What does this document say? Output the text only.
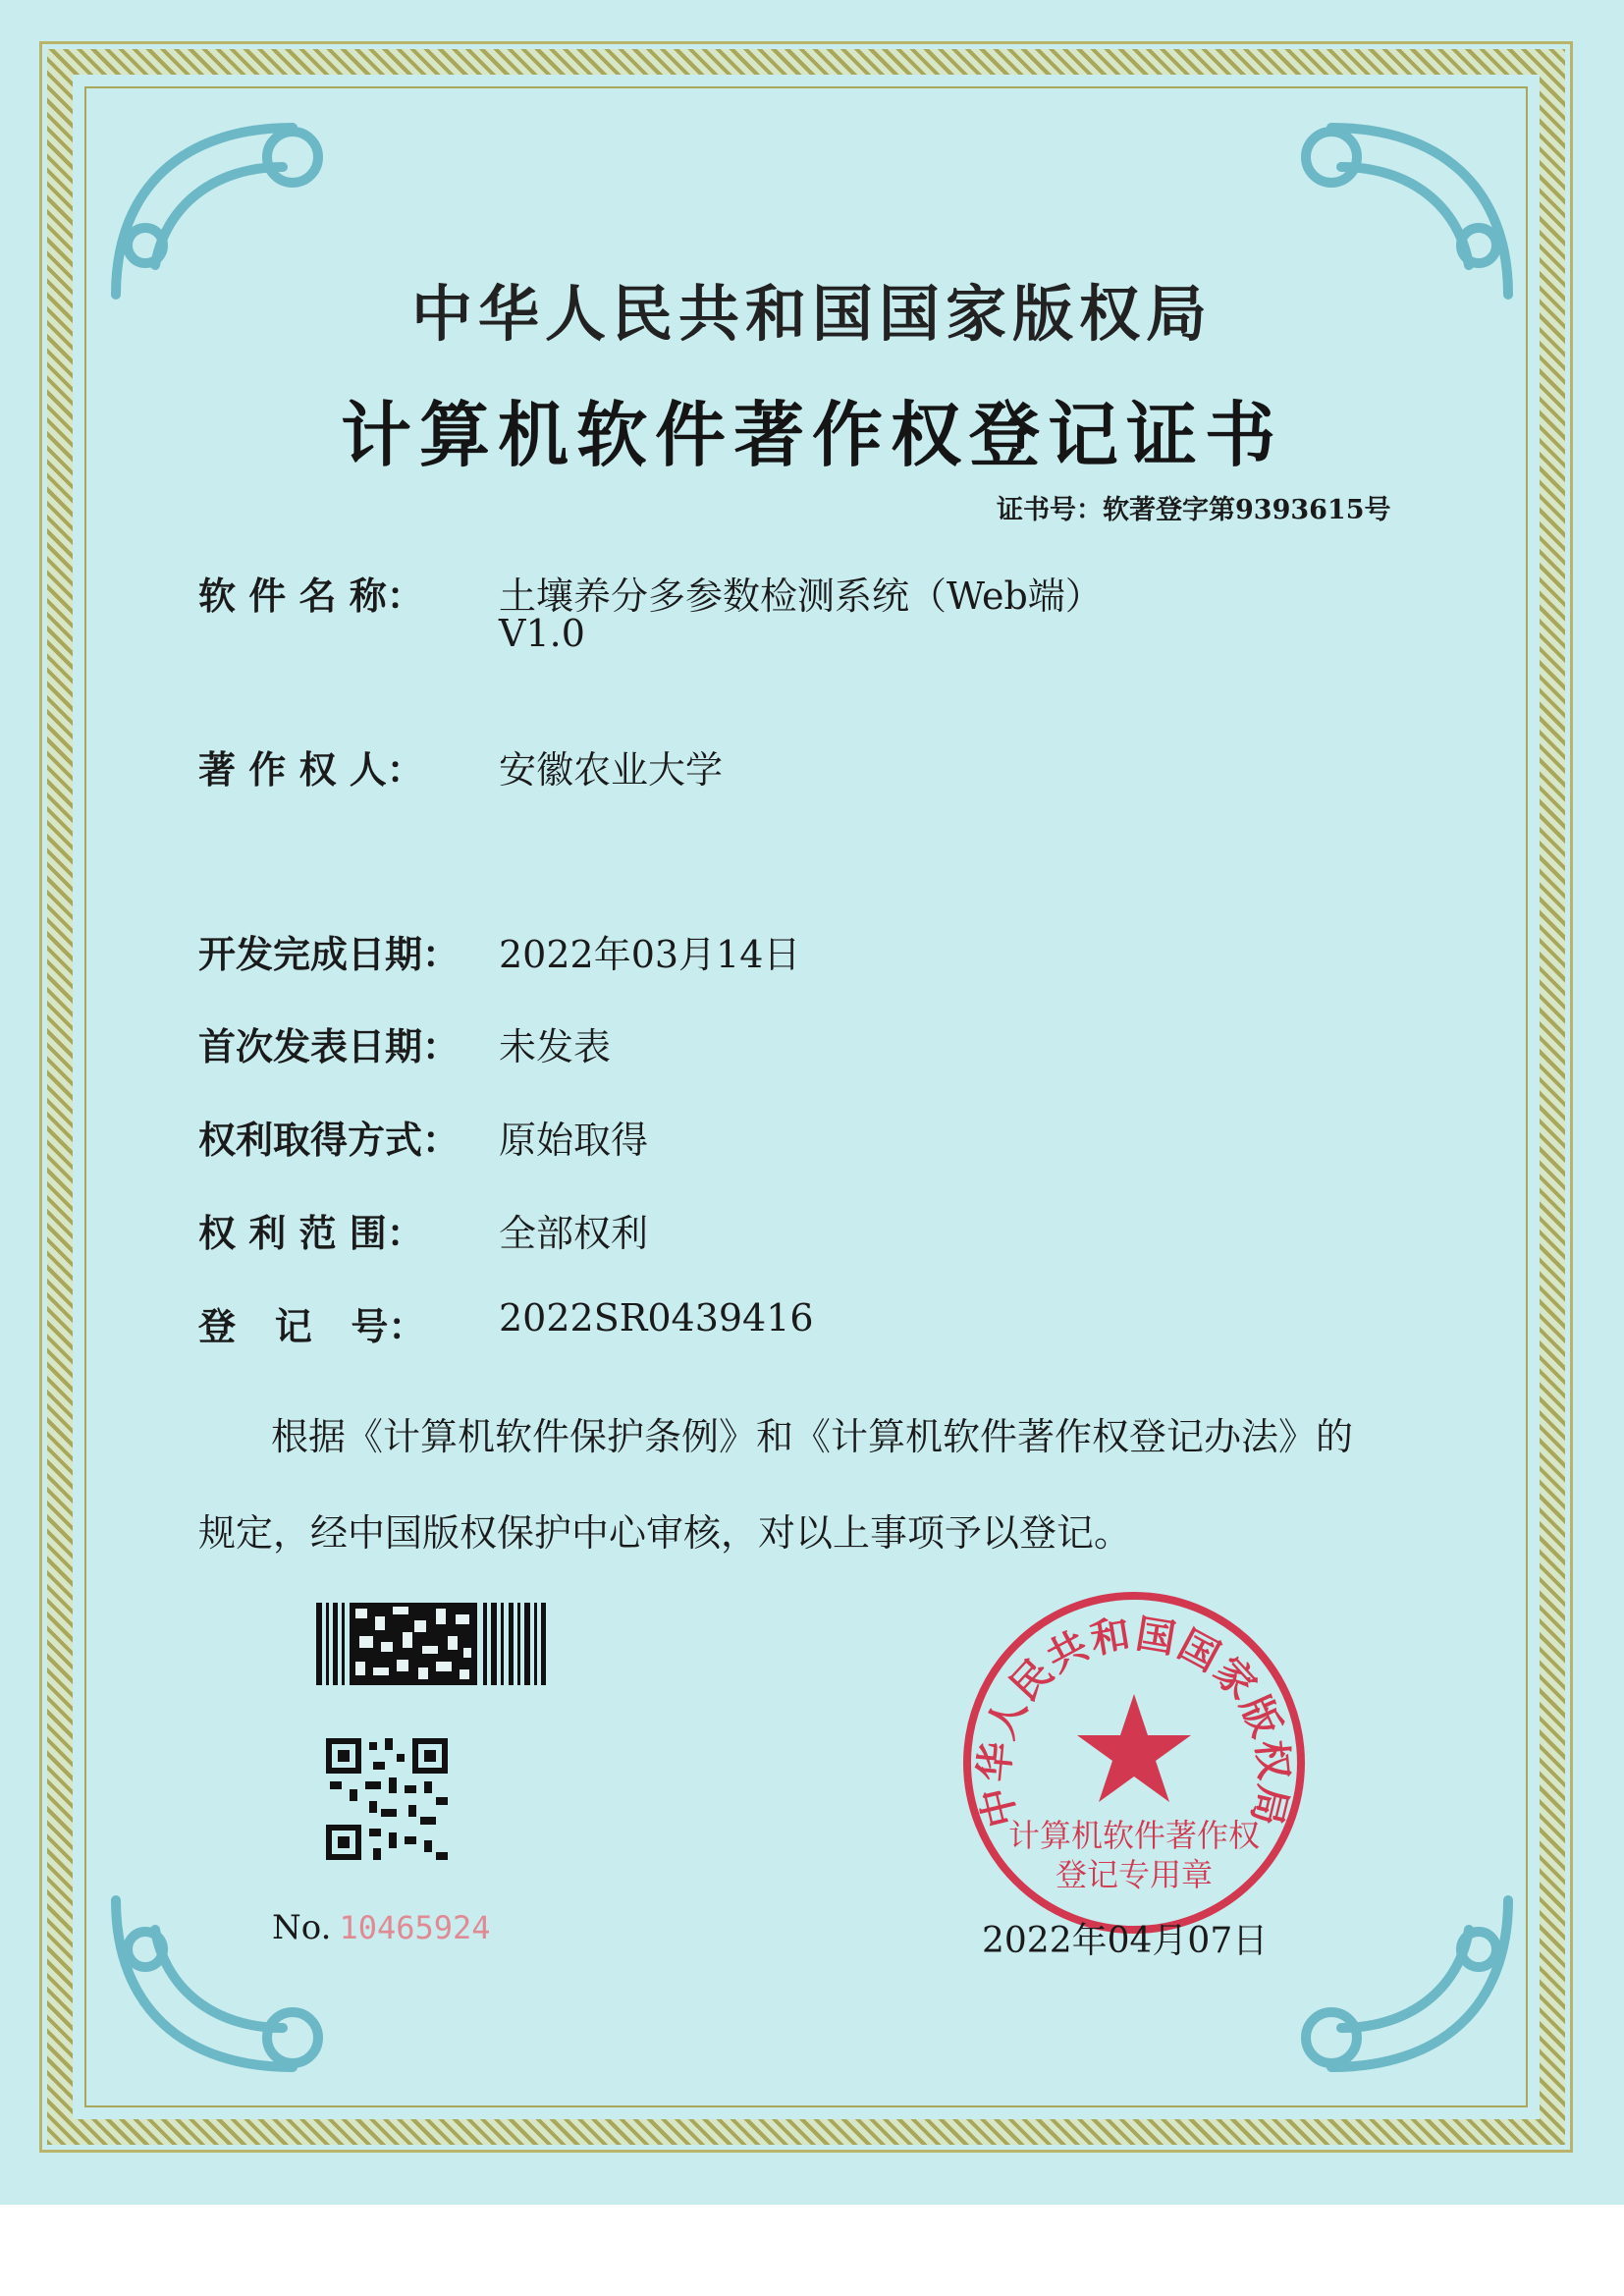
中华人民共和国国家版权局
计算机软件著作权登记证书
证书号：软著登字第9393615号
软 件 名 称： 土壤养分多参数检测系统（Web端）
V1.0
著 作 权 人： 安徽农业大学
开发完成日期： 2022年03月14日
首次发表日期： 未发表
权利取得方式： 原始取得
权 利 范 围： 全部权利
登   记   号： 2022SR0439416
根据《计算机软件保护条例》和《计算机软件著作权登记办法》的
规定，经中国版权保护中心审核，对以上事项予以登记。
No. 10465924
中华人民共和国国家版权局
计算机软件著作权
登记专用章
2022年04月07日
